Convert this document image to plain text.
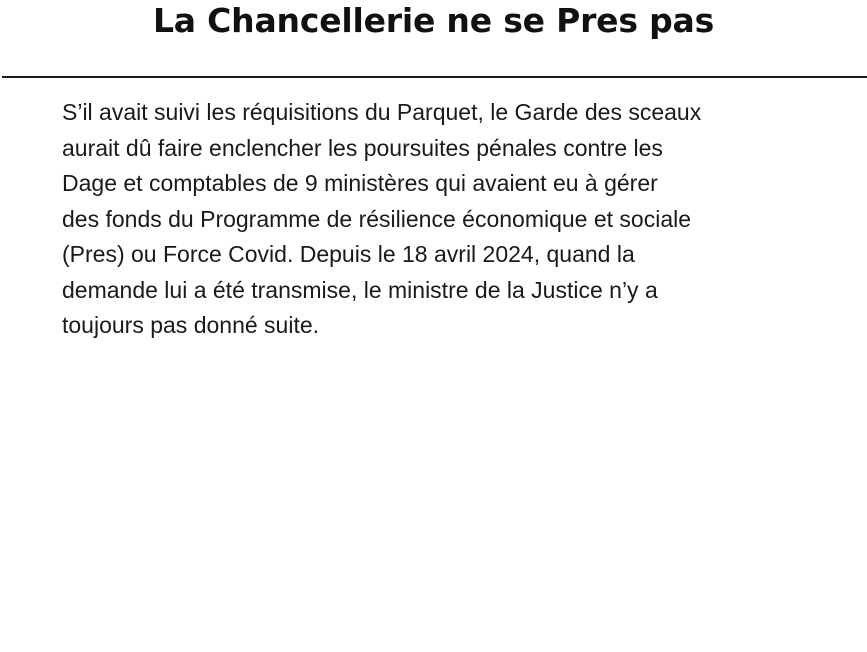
La Chancellerie ne se Pres pas

S’il avait suivi les réquisitions du Parquet, le Garde des sceaux
aurait dû faire enclencher les poursuites pénales contre les
Dage et comptables de 9 ministères qui avaient eu à gérer
des fonds du Programme de résilience économique et sociale
(Pres) ou Force Covid. Depuis le 18 avril 2024, quand la
demande lui a été transmise, le ministre de la Justice n’y a
toujours pas donné suite.
